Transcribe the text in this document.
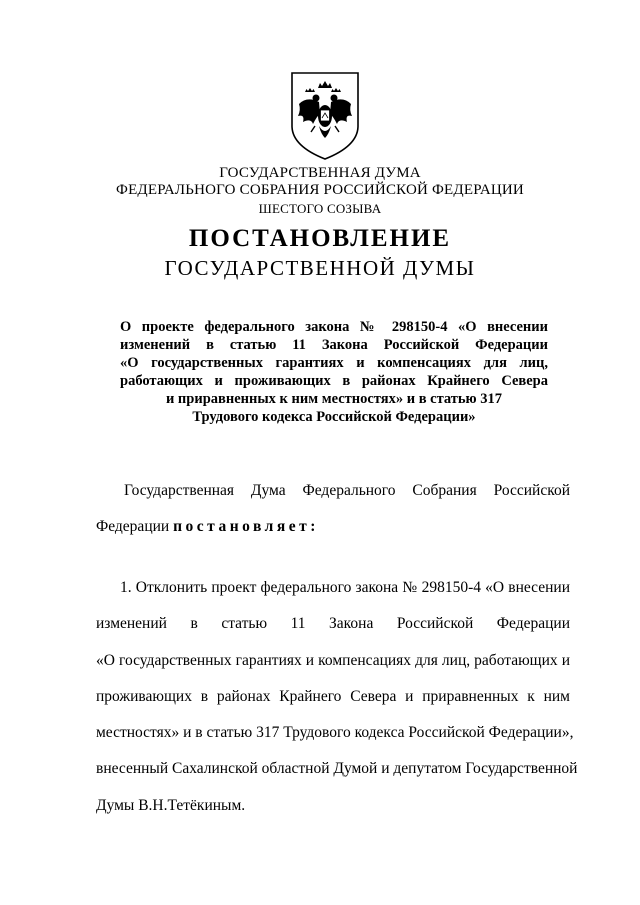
ГОСУДАРСТВЕННАЯ ДУМА
ФЕДЕРАЛЬНОГО СОБРАНИЯ РОССИЙСКОЙ ФЕДЕРАЦИИ
ШЕСТОГО СОЗЫВА
ПОСТАНОВЛЕНИЕ
ГОСУДАРСТВЕННОЙ ДУМЫ
О проекте федерального закона № 298150-4 «О внесении
изменений в статью 11 Закона Российской Федерации
«О государственных гарантиях и компенсациях для лиц,
работающих и проживающих в районах Крайнего Севера
и приравненных к ним местностях» и в статью 317
Трудового кодекса Российской Федерации»
Государственная Дума Федерального Собрания Российской
Федерации постановляет:
1. Отклонить проект федерального закона № 298150-4 «О внесении
изменений в статью 11 Закона Российской Федерации
«О государственных гарантиях и компенсациях для лиц, работающих и
проживающих в районах Крайнего Севера и приравненных к ним
местностях» и в статью 317 Трудового кодекса Российской Федерации»,
внесенный Сахалинской областной Думой и депутатом Государственной
Думы В.Н.Тетёкиным.
